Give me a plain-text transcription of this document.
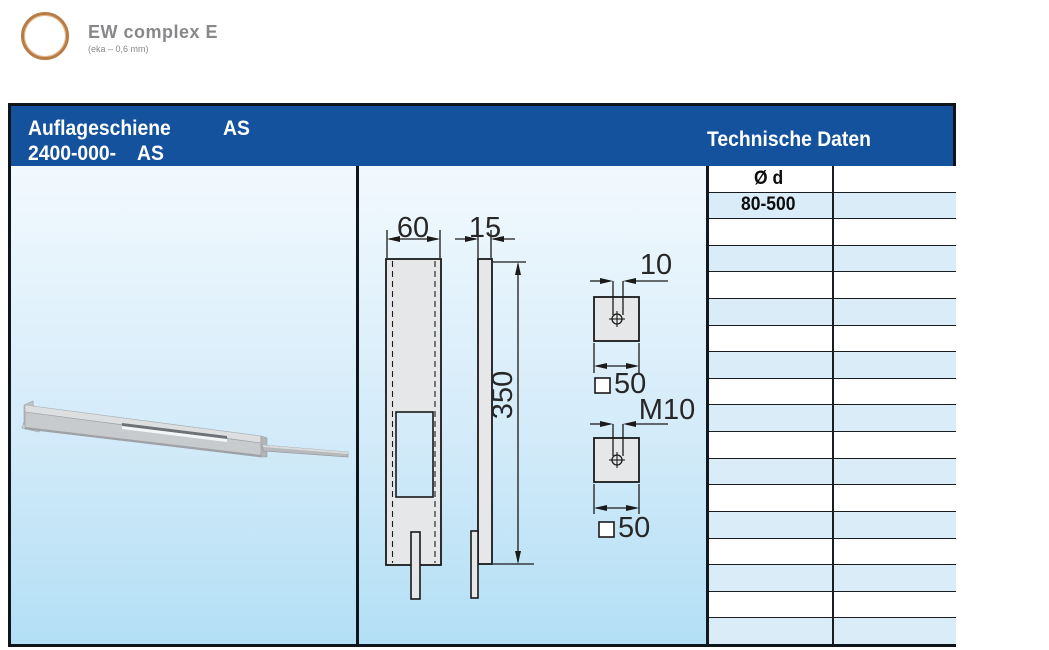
EW complex E
(eka – 0,6 mm)
Auflageschiene AS
2400-000- AS
Technische Daten
60 15
350
10
50
M10
50
Ø d
80-500
